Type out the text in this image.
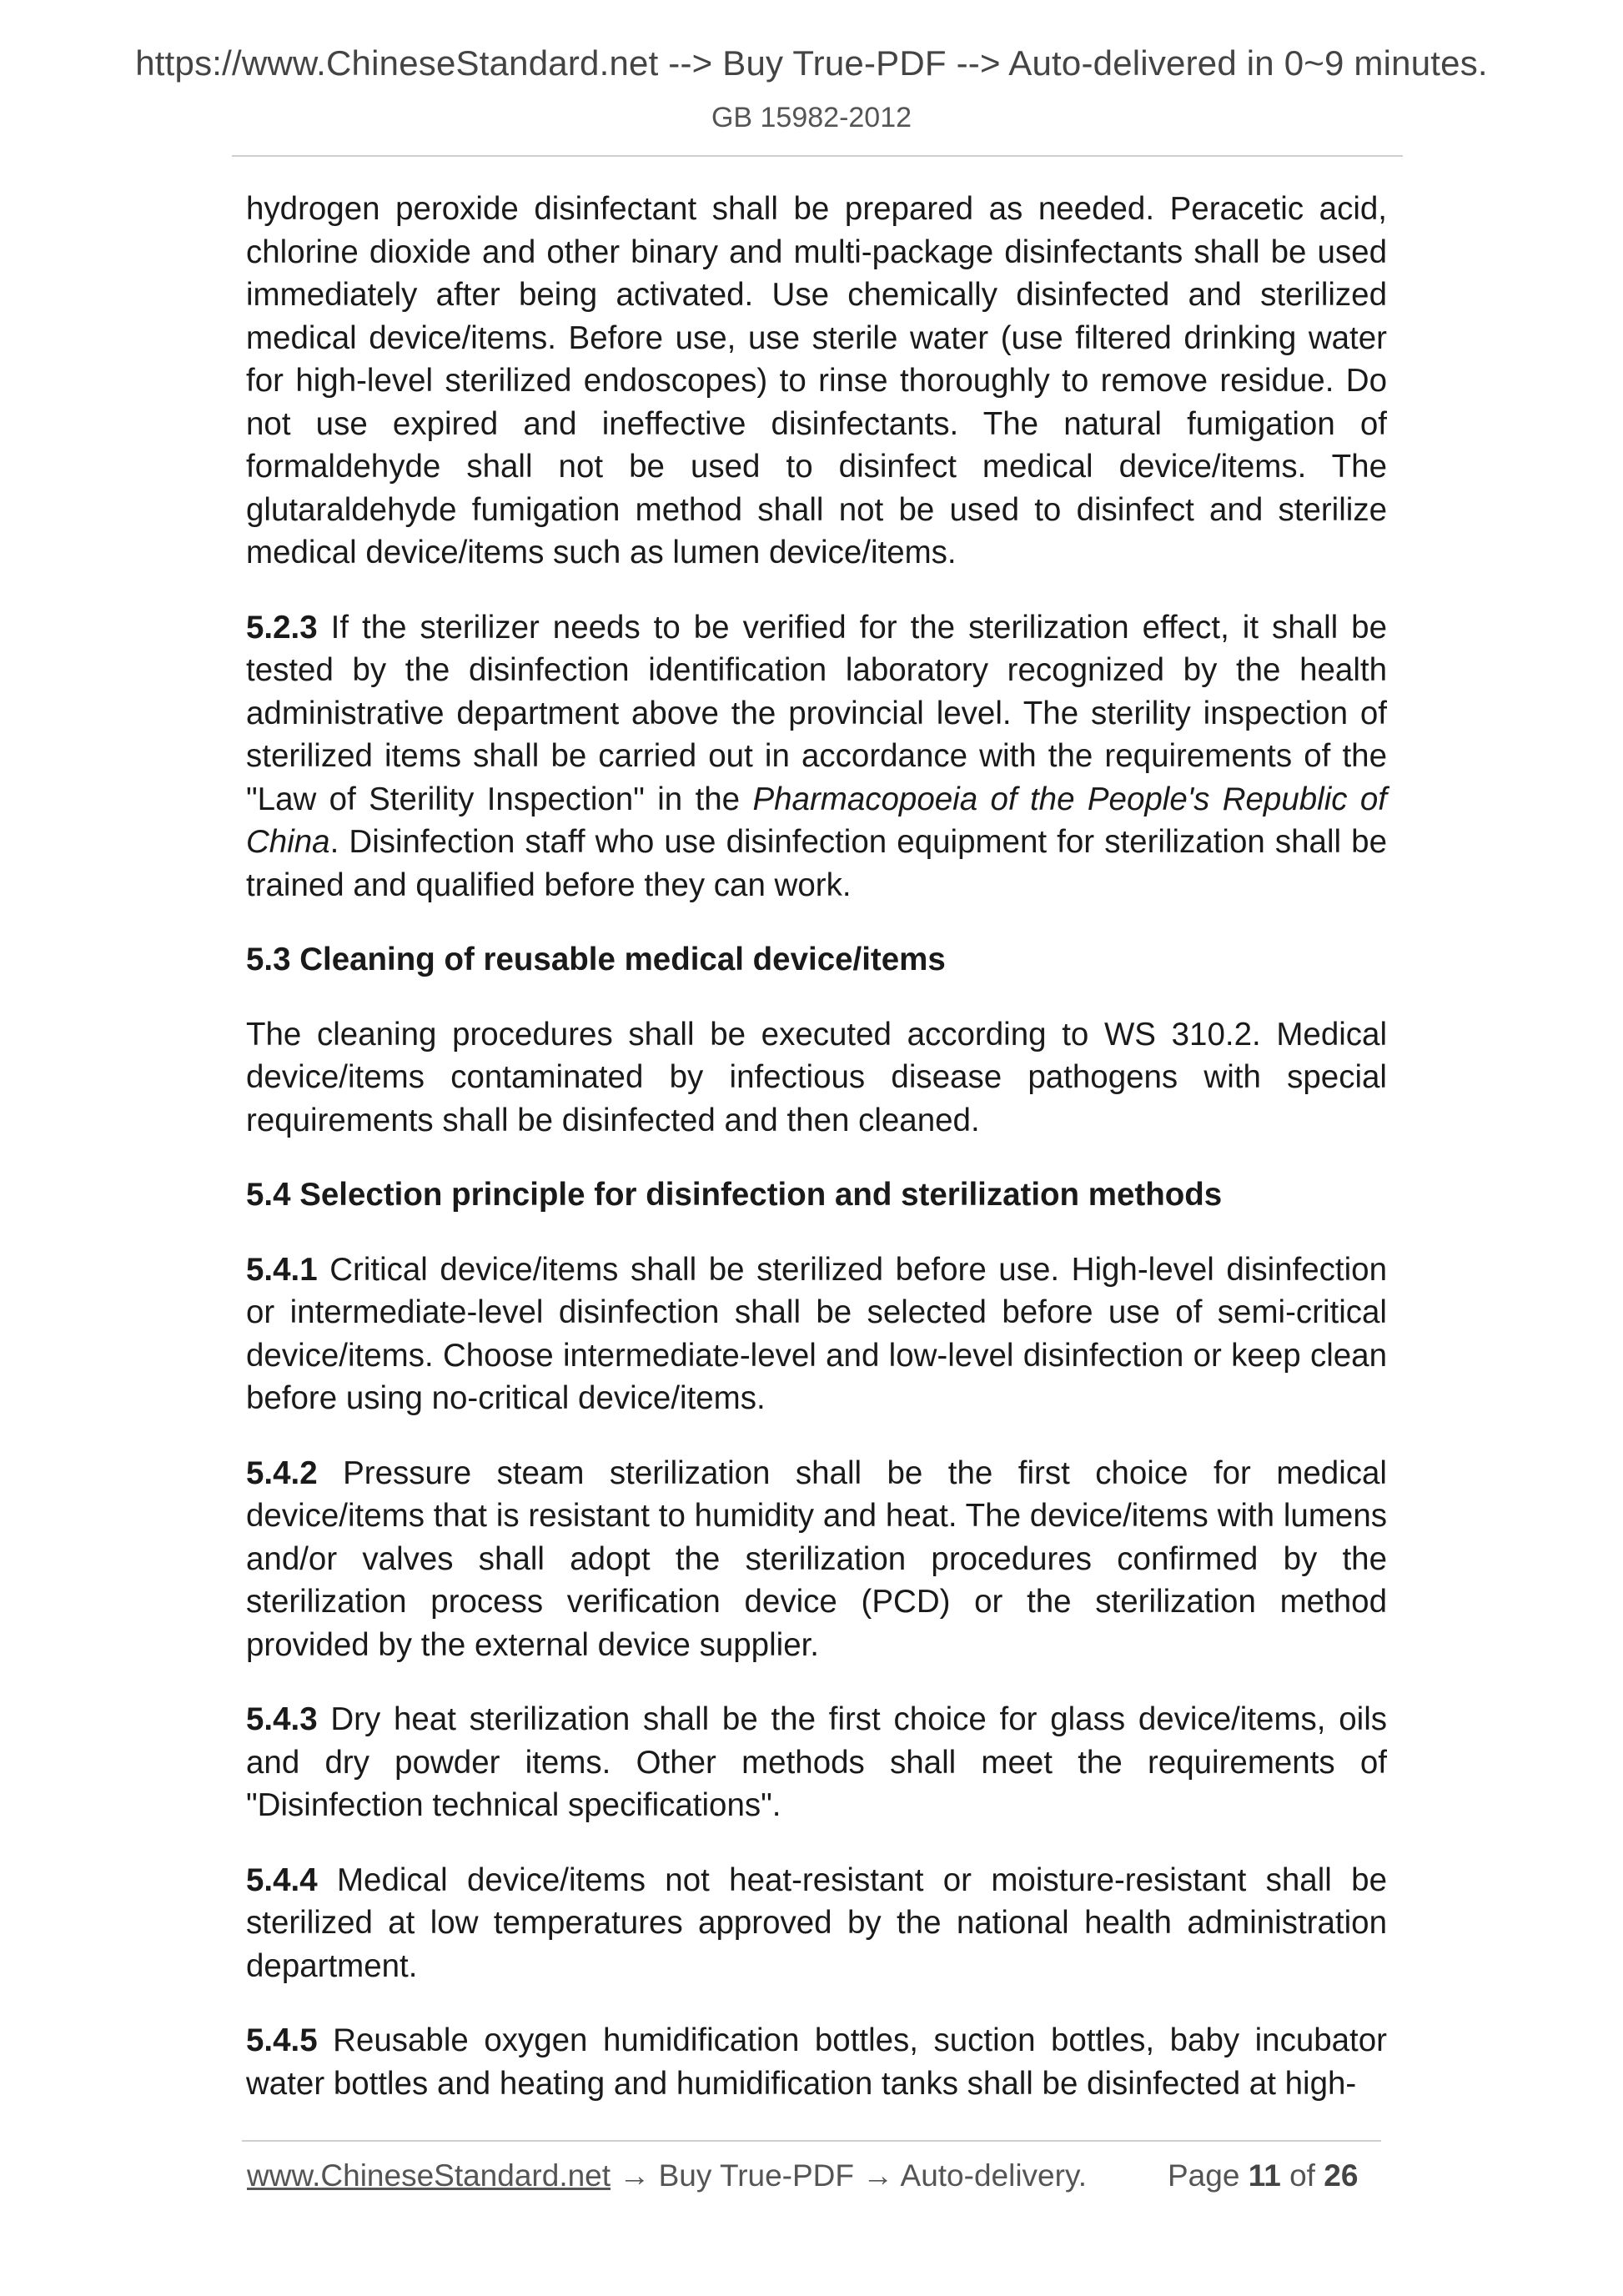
https://www.ChineseStandard.net --> Buy True-PDF --> Auto-delivered in 0~9 minutes.
GB 15982-2012

hydrogen peroxide disinfectant shall be prepared as needed. Peracetic acid, chlorine dioxide and other binary and multi-package disinfectants shall be used immediately after being activated. Use chemically disinfected and sterilized medical device/items. Before use, use sterile water (use filtered drinking water for high-level sterilized endoscopes) to rinse thoroughly to remove residue. Do not use expired and ineffective disinfectants. The natural fumigation of formaldehyde shall not be used to disinfect medical device/items. The glutaraldehyde fumigation method shall not be used to disinfect and sterilize medical device/items such as lumen device/items.

5.2.3 If the sterilizer needs to be verified for the sterilization effect, it shall be tested by the disinfection identification laboratory recognized by the health administrative department above the provincial level. The sterility inspection of sterilized items shall be carried out in accordance with the requirements of the "Law of Sterility Inspection" in the Pharmacopoeia of the People's Republic of China. Disinfection staff who use disinfection equipment for sterilization shall be trained and qualified before they can work.

5.3 Cleaning of reusable medical device/items

The cleaning procedures shall be executed according to WS 310.2. Medical device/items contaminated by infectious disease pathogens with special requirements shall be disinfected and then cleaned.

5.4 Selection principle for disinfection and sterilization methods

5.4.1 Critical device/items shall be sterilized before use. High-level disinfection or intermediate-level disinfection shall be selected before use of semi-critical device/items. Choose intermediate-level and low-level disinfection or keep clean before using no-critical device/items.

5.4.2 Pressure steam sterilization shall be the first choice for medical device/items that is resistant to humidity and heat. The device/items with lumens and/or valves shall adopt the sterilization procedures confirmed by the sterilization process verification device (PCD) or the sterilization method provided by the external device supplier.

5.4.3 Dry heat sterilization shall be the first choice for glass device/items, oils and dry powder items. Other methods shall meet the requirements of "Disinfection technical specifications".

5.4.4 Medical device/items not heat-resistant or moisture-resistant shall be sterilized at low temperatures approved by the national health administration department.

5.4.5 Reusable oxygen humidification bottles, suction bottles, baby incubator water bottles and heating and humidification tanks shall be disinfected at high-

www.ChineseStandard.net → Buy True-PDF → Auto-delivery.	Page 11 of 26
